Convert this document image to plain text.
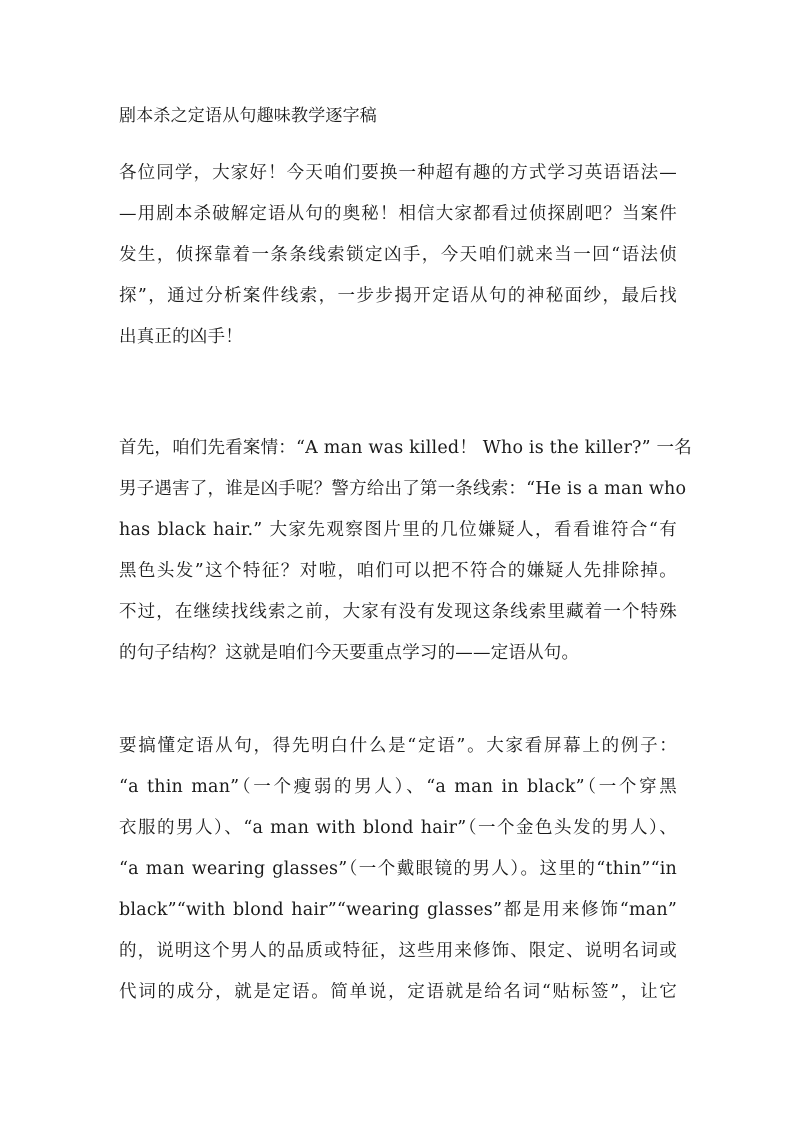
剧本杀之定语从句趣味教学逐字稿
各位同学，大家好！今天咱们要换一种超有趣的方式学习英语语法—
—用剧本杀破解定语从句的奥秘！相信大家都看过侦探剧吧？当案件
发生，侦探靠着一条条线索锁定凶手，今天咱们就来当一回“语法侦
探”，通过分析案件线索，一步步揭开定语从句的神秘面纱，最后找
出真正的凶手！
首先，咱们先看案情：“A man was killed！ Who is the killer?” 一名
男子遇害了，谁是凶手呢？警方给出了第一条线索：“He is a man who
has black hair.” 大家先观察图片里的几位嫌疑人，看看谁符合“有
黑色头发”这个特征？对啦，咱们可以把不符合的嫌疑人先排除掉。
不过，在继续找线索之前，大家有没有发现这条线索里藏着一个特殊
的句子结构？这就是咱们今天要重点学习的——定语从句。
要搞懂定语从句，得先明白什么是“定语”。大家看屏幕上的例子：
“a thin man”（一个瘦弱的男人）、“a man in black”（一个穿黑
衣服的男人）、“a man with blond hair”（一个金色头发的男人）、
“a man wearing glasses”（一个戴眼镜的男人）。这里的“thin”“in
black”“with blond hair”“wearing glasses”都是用来修饰“man”
的，说明这个男人的品质或特征，这些用来修饰、限定、说明名词或
代词的成分，就是定语。简单说，定语就是给名词“贴标签”，让它
